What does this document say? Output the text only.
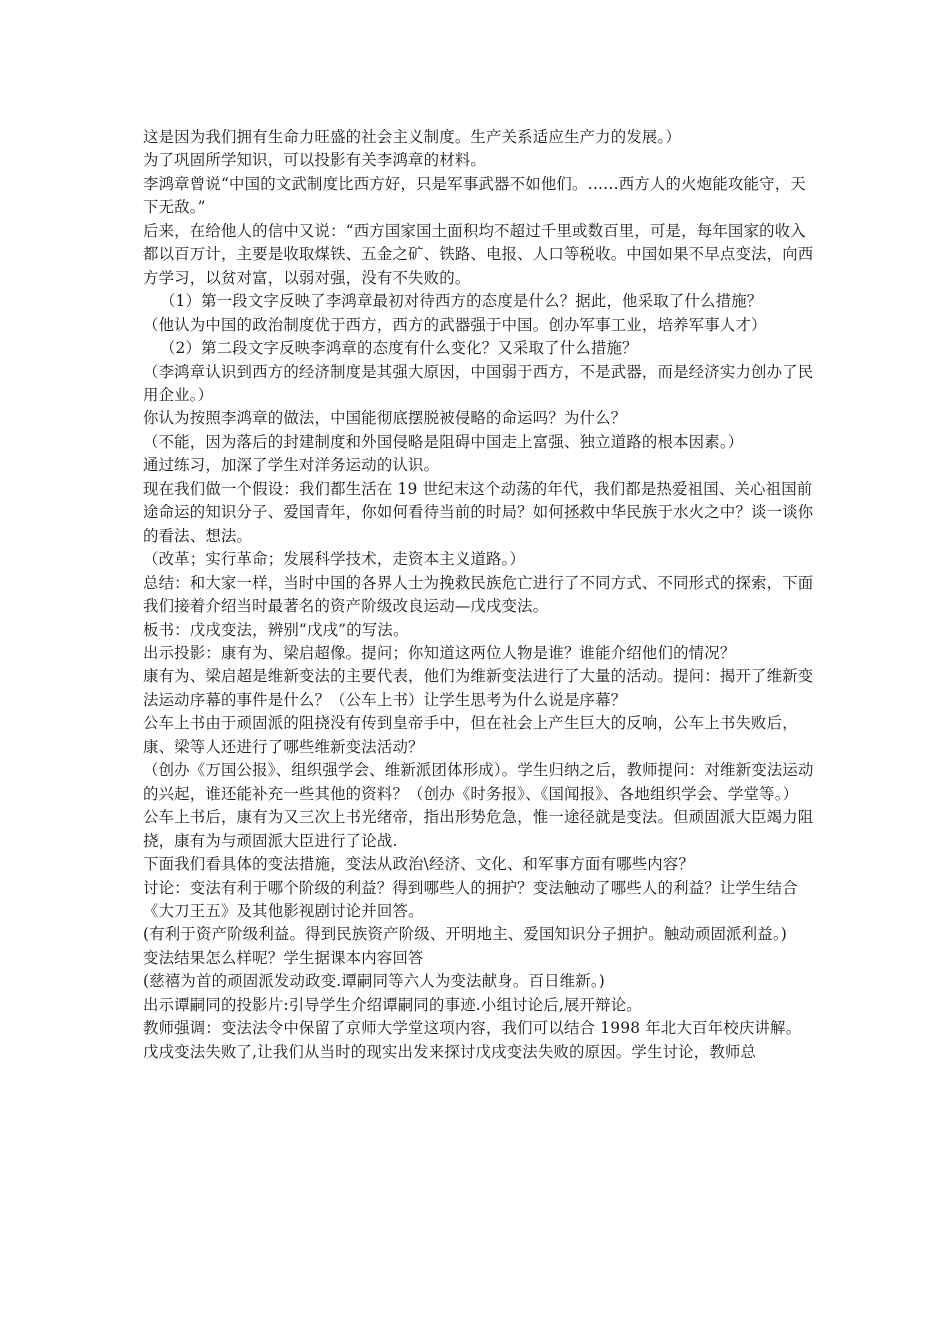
这是因为我们拥有生命力旺盛的社会主义制度。生产关系适应生产力的发展。）

为了巩固所学知识，可以投影有关李鸿章的材料。

李鸿章曾说“中国的文武制度比西方好，只是军事武器不如他们。……西方人的火炮能攻能守，天下无敌。”

后来，在给他人的信中又说：“西方国家国土面积均不超过千里或数百里，可是，每年国家的收入都以百万计，主要是收取煤铁、五金之矿、铁路、电报、人口等税收。中国如果不早点变法，向西方学习，以贫对富，以弱对强，没有不失败的。

（1）第一段文字反映了李鸿章最初对待西方的态度是什么？据此，他采取了什么措施？

（他认为中国的政治制度优于西方，西方的武器强于中国。创办军事工业，培养军事人才）

（2）第二段文字反映李鸿章的态度有什么变化？又采取了什么措施？

（李鸿章认识到西方的经济制度是其强大原因，中国弱于西方，不是武器，而是经济实力创办了民用企业。）

你认为按照李鸿章的做法，中国能彻底摆脱被侵略的命运吗？为什么？

（不能，因为落后的封建制度和外国侵略是阻碍中国走上富强、独立道路的根本因素。）

通过练习，加深了学生对洋务运动的认识。

现在我们做一个假设：我们都生活在 19 世纪末这个动荡的年代，我们都是热爱祖国、关心祖国前途命运的知识分子、爱国青年，你如何看待当前的时局？如何拯救中华民族于水火之中？谈一谈你的看法、想法。

（改革；实行革命；发展科学技术，走资本主义道路。）

总结：和大家一样，当时中国的各界人士为挽救民族危亡进行了不同方式、不同形式的探索，下面我们接着介绍当时最著名的资产阶级改良运动—戊戌变法。

板书：戊戌变法，辨别“戊戌”的写法。

出示投影：康有为、梁启超像。提问；你知道这两位人物是谁？谁能介绍他们的情况？

康有为、梁启超是维新变法的主要代表，他们为维新变法进行了大量的活动。提问：揭开了维新变法运动序幕的事件是什么？（公车上书）让学生思考为什么说是序幕？

公车上书由于顽固派的阻挠没有传到皇帝手中，但在社会上产生巨大的反响，公车上书失败后，康、梁等人还进行了哪些维新变法活动？

（创办《万国公报》、组织强学会、维新派团体形成）。学生归纳之后，教师提问：对维新变法运动的兴起，谁还能补充一些其他的资料？（创办《时务报》、《国闻报》、各地组织学会、学堂等。）

公车上书后，康有为又三次上书光绪帝，指出形势危急，惟一途径就是变法。但顽固派大臣竭力阻挠，康有为与顽固派大臣进行了论战.

下面我们看具体的变法措施，变法从政治\经济、文化、和军事方面有哪些内容？

讨论：变法有利于哪个阶级的利益？得到哪些人的拥护？变法触动了哪些人的利益？让学生结合《大刀王五》及其他影视剧讨论并回答。

(有利于资产阶级利益。得到民族资产阶级、开明地主、爱国知识分子拥护。触动顽固派利益。)

变法结果怎么样呢？学生据课本内容回答

(慈禧为首的顽固派发动政变.谭嗣同等六人为变法献身。百日维新。)

出示谭嗣同的投影片:引导学生介绍谭嗣同的事迹.小组讨论后,展开辩论。

教师强调：变法法令中保留了京师大学堂这项内容，我们可以结合 1998 年北大百年校庆讲解。

戊戌变法失败了,让我们从当时的现实出发来探讨戊戌变法失败的原因。学生讨论，教师总
